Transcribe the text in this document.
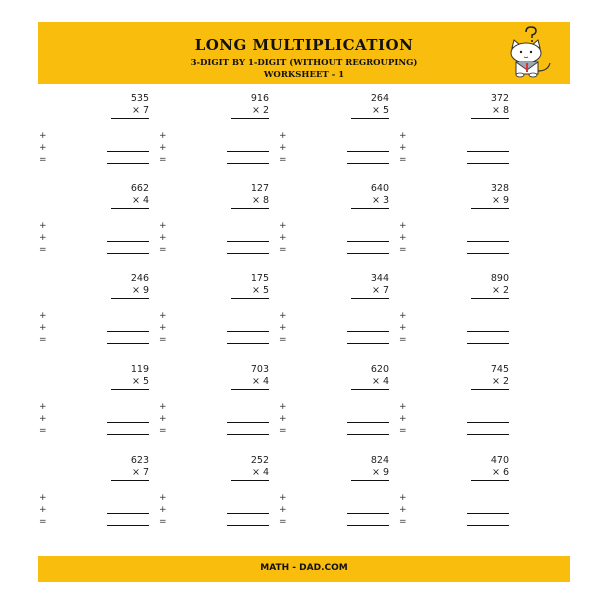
LONG MULTIPLICATION
3-DIGIT BY 1-DIGIT (WITHOUT REGROUPING)
WORKSHEET - 1
535
× 7
+
+
=
916
× 2
+
+
=
264
× 5
+
+
=
372
× 8
+
+
=
662
× 4
+
+
=
127
× 8
+
+
=
640
× 3
+
+
=
328
× 9
+
+
=
246
× 9
+
+
=
175
× 5
+
+
=
344
× 7
+
+
=
890
× 2
+
+
=
119
× 5
+
+
=
703
× 4
+
+
=
620
× 4
+
+
=
745
× 2
+
+
=
623
× 7
+
+
=
252
× 4
+
+
=
824
× 9
+
+
=
470
× 6
+
+
=
MATH - DAD.COM
